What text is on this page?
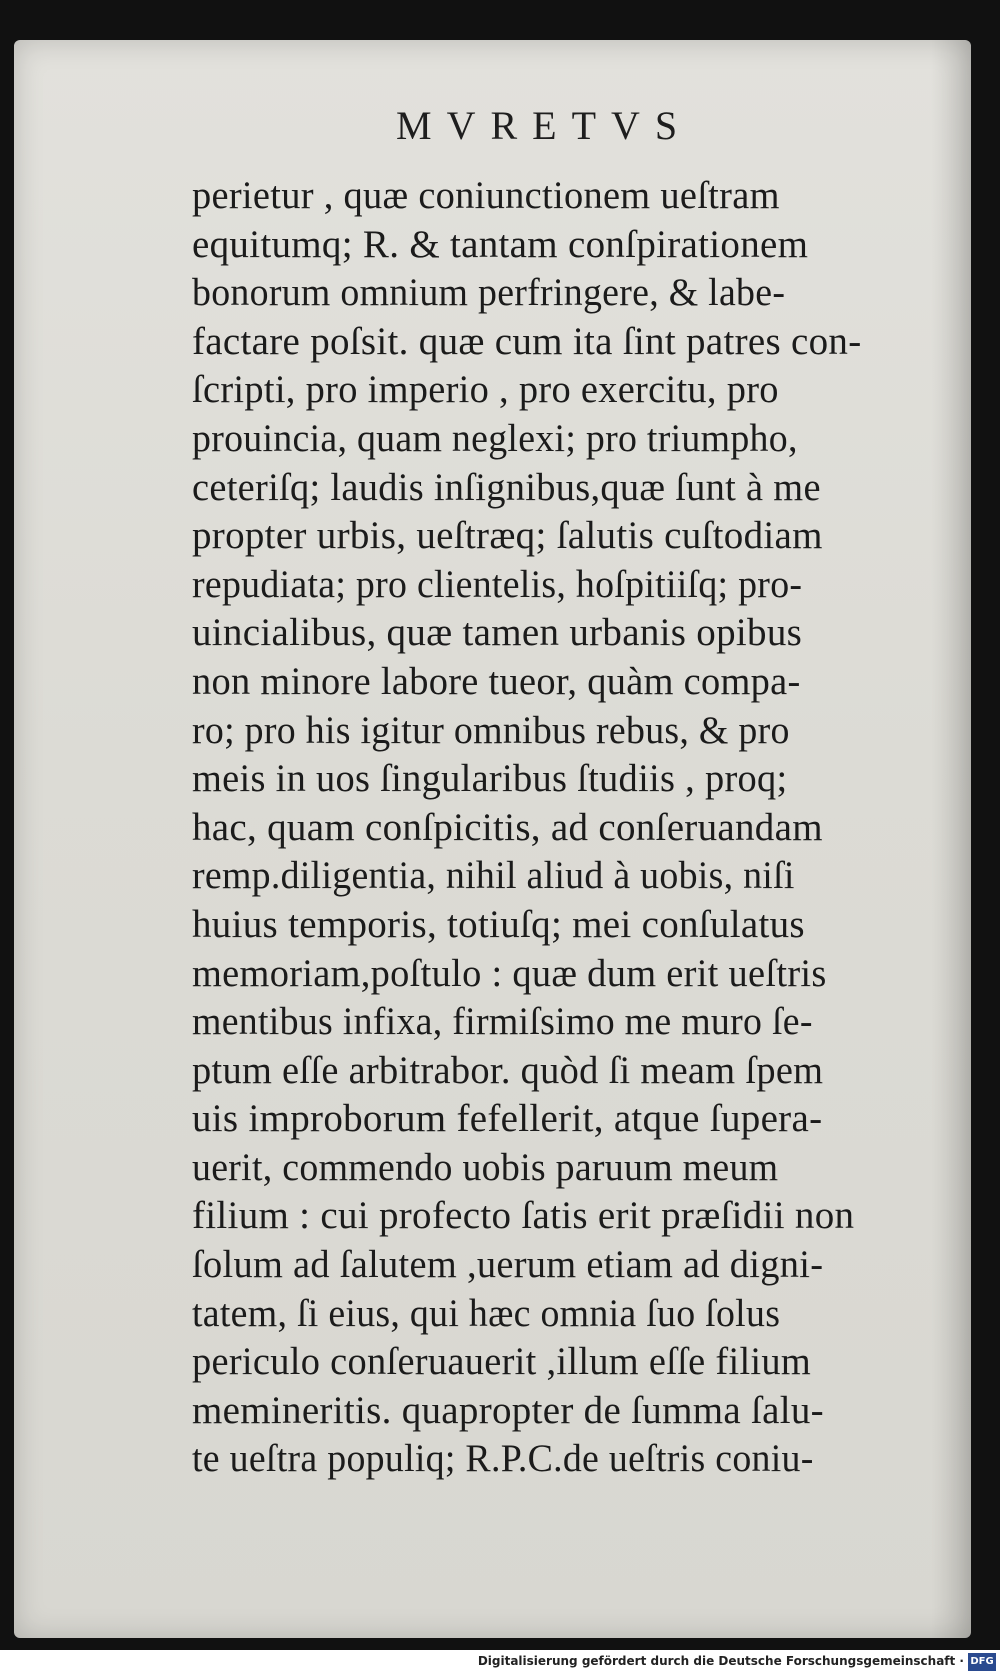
MVRETVS
perietur , quæ coniunctionem ueſtram
equitumq; R. & tantam conſpirationem
bonorum omnium perfringere, & labe-
factare poſsit. quæ cum ita ſint patres con-
ſcripti, pro imperio , pro exercitu, pro
prouincia, quam neglexi; pro triumpho,
ceteriſq; laudis inſignibus,quæ ſunt à me
propter urbis, ueſtræq; ſalutis cuſtodiam
repudiata; pro clientelis, hoſpitiiſq; pro-
uincialibus, quæ tamen urbanis opibus
non minore labore tueor, quàm compa-
ro; pro his igitur omnibus rebus, & pro
meis in uos ſingularibus ſtudiis , proq;
hac, quam conſpicitis, ad conſeruandam
remp.diligentia, nihil aliud à uobis, niſi
huius temporis, totiuſq; mei conſulatus
memoriam,poſtulo : quæ dum erit ueſtris
mentibus infixa, firmiſsimo me muro ſe-
ptum eſſe arbitrabor. quòd ſi meam ſpem
uis improborum fefellerit, atque ſupera-
uerit, commendo uobis paruum meum
filium : cui profecto ſatis erit præſidii non
ſolum ad ſalutem ,uerum etiam ad digni-
tatem, ſi eius, qui hæc omnia ſuo ſolus
periculo conſeruauerit ,illum eſſe filium
memineritis. quapropter de ſumma ſalu-
te ueſtra populiq; R.P.C.de ueſtris coniu-
Digitalisierung gefördert durch die Deutsche Forschungsgemeinschaft · DFG
